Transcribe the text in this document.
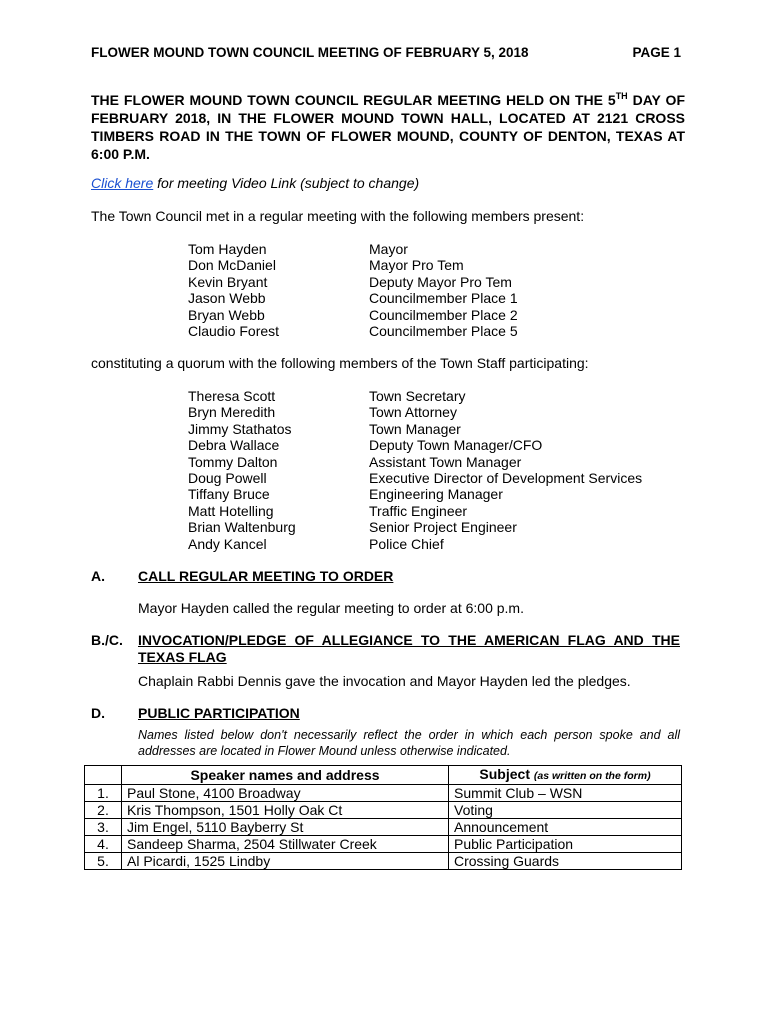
FLOWER MOUND TOWN COUNCIL MEETING OF FEBRUARY 5, 2018	PAGE 1
THE FLOWER MOUND TOWN COUNCIL REGULAR MEETING HELD ON THE 5TH DAY OF FEBRUARY 2018, IN THE FLOWER MOUND TOWN HALL, LOCATED AT 2121 CROSS TIMBERS ROAD IN THE TOWN OF FLOWER MOUND, COUNTY OF DENTON, TEXAS AT 6:00 P.M.
Click here for meeting Video Link (subject to change)
The Town Council met in a regular meeting with the following members present:
Tom Hayden	Mayor
Don McDaniel	Mayor Pro Tem
Kevin Bryant	Deputy Mayor Pro Tem
Jason Webb	Councilmember Place 1
Bryan Webb	Councilmember Place 2
Claudio Forest	Councilmember Place 5
constituting a quorum with the following members of the Town Staff participating:
Theresa Scott	Town Secretary
Bryn Meredith	Town Attorney
Jimmy Stathatos	Town Manager
Debra Wallace	Deputy Town Manager/CFO
Tommy Dalton	Assistant Town Manager
Doug Powell	Executive Director of Development Services
Tiffany Bruce	Engineering Manager
Matt Hotelling	Traffic Engineer
Brian Waltenburg	Senior Project Engineer
Andy Kancel	Police Chief
A. CALL REGULAR MEETING TO ORDER
Mayor Hayden called the regular meeting to order at 6:00 p.m.
B./C. INVOCATION/PLEDGE OF ALLEGIANCE TO THE AMERICAN FLAG AND THE
TEXAS FLAG
Chaplain Rabbi Dennis gave the invocation and Mayor Hayden led the pledges.
D. PUBLIC PARTICIPATION
Names listed below don't necessarily reflect the order in which each person spoke and all addresses are located in Flower Mound unless otherwise indicated.
	Speaker names and address	Subject (as written on the form)
1.	Paul Stone, 4100 Broadway	Summit Club – WSN
2.	Kris Thompson, 1501 Holly Oak Ct	Voting
3.	Jim Engel, 5110 Bayberry St	Announcement
4.	Sandeep Sharma, 2504 Stillwater Creek	Public Participation
5.	Al Picardi, 1525 Lindby	Crossing Guards
